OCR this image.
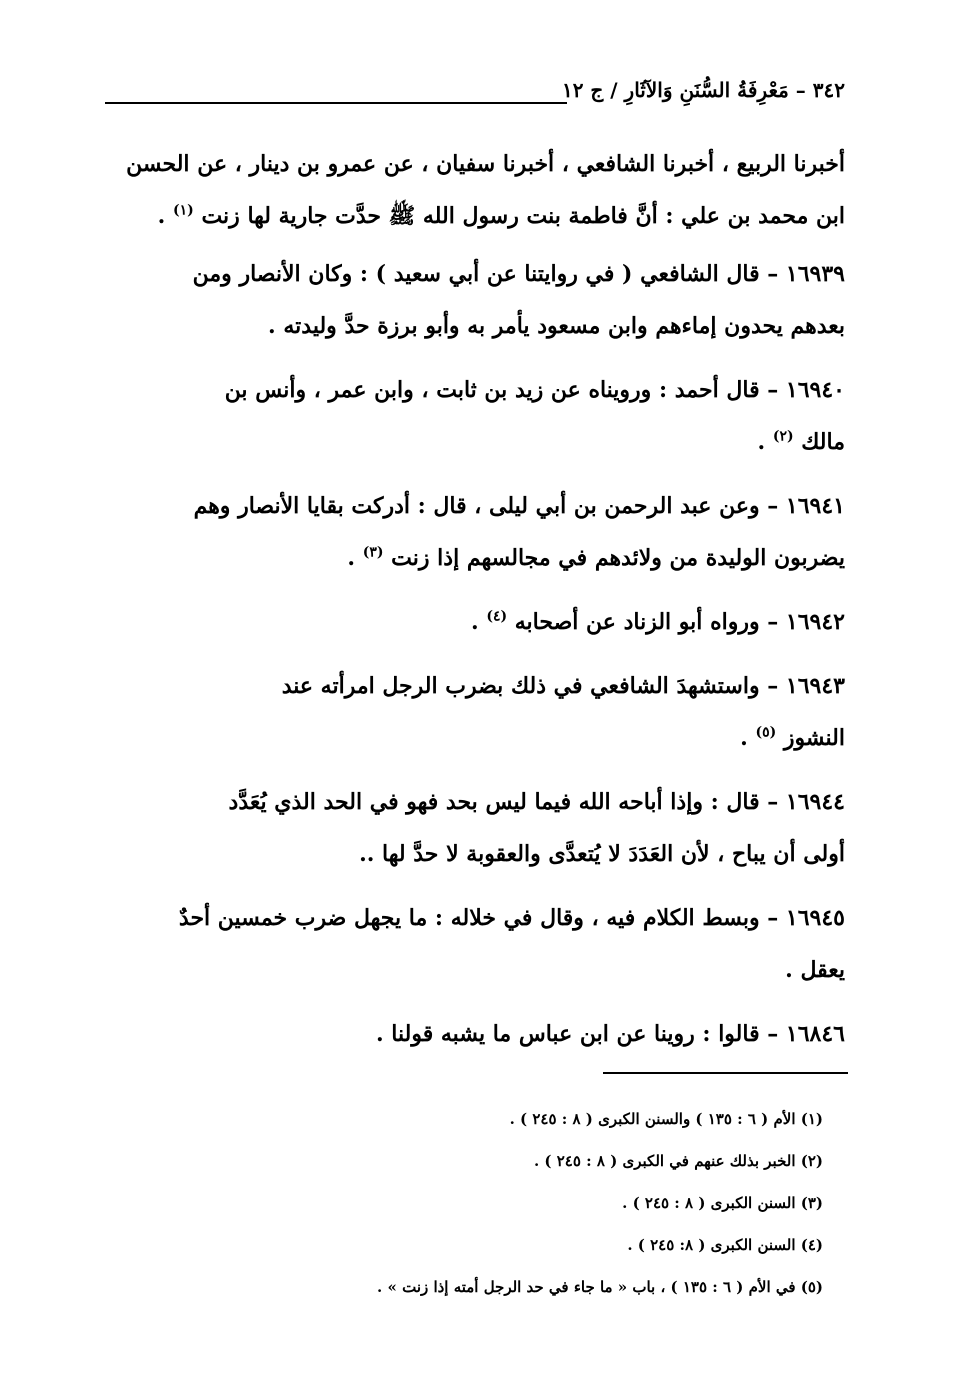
٣٤٢ – مَعْرِفَةُ السُّنَنِ وَالآثَارِ / ج ١٢

أخبرنا الربيع ، أخبرنا الشافعي ، أخبرنا سفيان ، عن عمرو بن دينار ، عن الحسن
ابن محمد بن علي : أنَّ فاطمة بنت رسول الله ﷺ حدَّت جارية لها زنت $^{(١)}$ .

١٦٩٣٩ – قال الشافعي ( في روايتنا عن أبي سعيد ) : وكان الأنصار ومن
بعدهم يحدون إماءهم وابن مسعود يأمر به وأبو برزة حدَّ وليدته .

١٦٩٤٠ – قال أحمد : ورويناه عن زيد بن ثابت ، وابن عمر ، وأنس بن
مالك $^{(٢)}$ .

١٦٩٤١ – وعن عبد الرحمن بن أبي ليلى ، قال : أدركت بقايا الأنصار وهم
يضربون الوليدة من ولائدهم في مجالسهم إذا زنت $^{(٣)}$ .

١٦٩٤٢ – ورواه أبو الزناد عن أصحابه $^{(٤)}$ .

١٦٩٤٣ – واستشهدَ الشافعي في ذلك بضرب الرجل امرأته عند
النشوز $^{(٥)}$ .

١٦٩٤٤ – قال : وإذا أباحه الله فيما ليس بحد فهو في الحد الذي يُعَدَّد
أولى أن يباح ، لأن العَدَدَ لا يُتعدَّى والعقوبة لا حدَّ لها ..

١٦٩٤٥ – وبسط الكلام فيه ، وقال في خلاله : ما يجهل ضرب خمسين أحدٌ
يعقل .

١٦٨٤٦ – قالوا : روينا عن ابن عباس ما يشبه قولنا .

(١) الأم ( ٦ : ١٣٥ ) والسنن الكبرى ( ٨ : ٢٤٥ ) .

(٢) الخبر بذلك عنهم في الكبرى ( ٨ : ٢٤٥ ) .

(٣) السنن الكبرى ( ٨ : ٢٤٥ ) .

(٤) السنن الكبرى ( ٨: ٢٤٥ ) .

(٥) في الأم ( ٦ : ١٣٥ ) ، باب « ما جاء في حد الرجل أمته إذا زنت » .
